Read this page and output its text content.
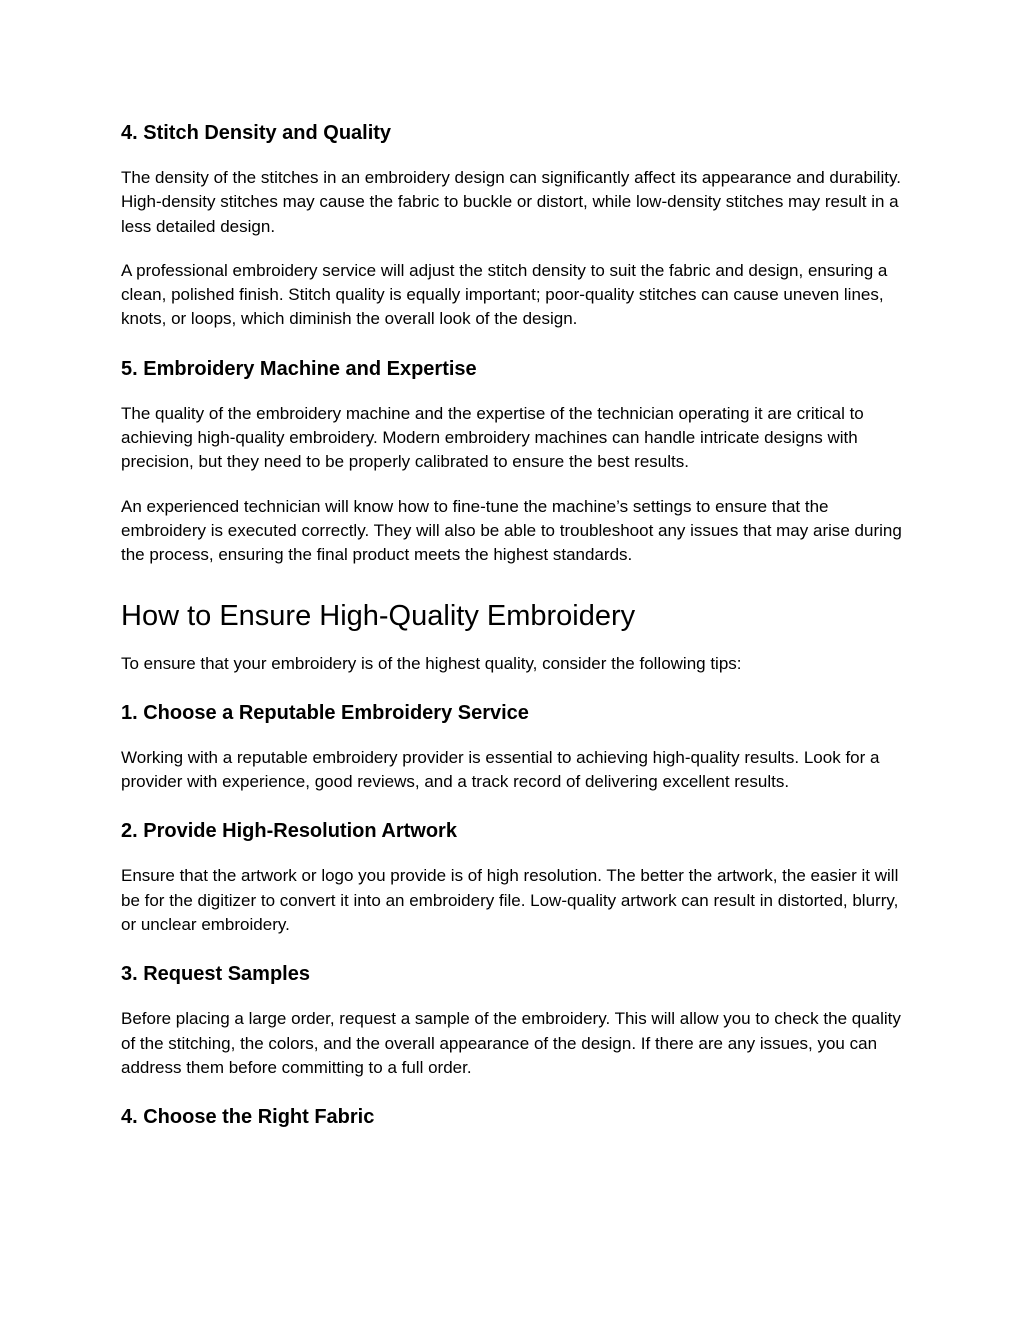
4. Stitch Density and Quality

The density of the stitches in an embroidery design can significantly affect its appearance and durability. High-density stitches may cause the fabric to buckle or distort, while low-density stitches may result in a less detailed design.

A professional embroidery service will adjust the stitch density to suit the fabric and design, ensuring a clean, polished finish. Stitch quality is equally important; poor-quality stitches can cause uneven lines, knots, or loops, which diminish the overall look of the design.

5. Embroidery Machine and Expertise

The quality of the embroidery machine and the expertise of the technician operating it are critical to achieving high-quality embroidery. Modern embroidery machines can handle intricate designs with precision, but they need to be properly calibrated to ensure the best results.

An experienced technician will know how to fine-tune the machine’s settings to ensure that the embroidery is executed correctly. They will also be able to troubleshoot any issues that may arise during the process, ensuring the final product meets the highest standards.

How to Ensure High-Quality Embroidery

To ensure that your embroidery is of the highest quality, consider the following tips:

1. Choose a Reputable Embroidery Service

Working with a reputable embroidery provider is essential to achieving high-quality results. Look for a provider with experience, good reviews, and a track record of delivering excellent results.

2. Provide High-Resolution Artwork

Ensure that the artwork or logo you provide is of high resolution. The better the artwork, the easier it will be for the digitizer to convert it into an embroidery file. Low-quality artwork can result in distorted, blurry, or unclear embroidery.

3. Request Samples

Before placing a large order, request a sample of the embroidery. This will allow you to check the quality of the stitching, the colors, and the overall appearance of the design. If there are any issues, you can address them before committing to a full order.

4. Choose the Right Fabric
